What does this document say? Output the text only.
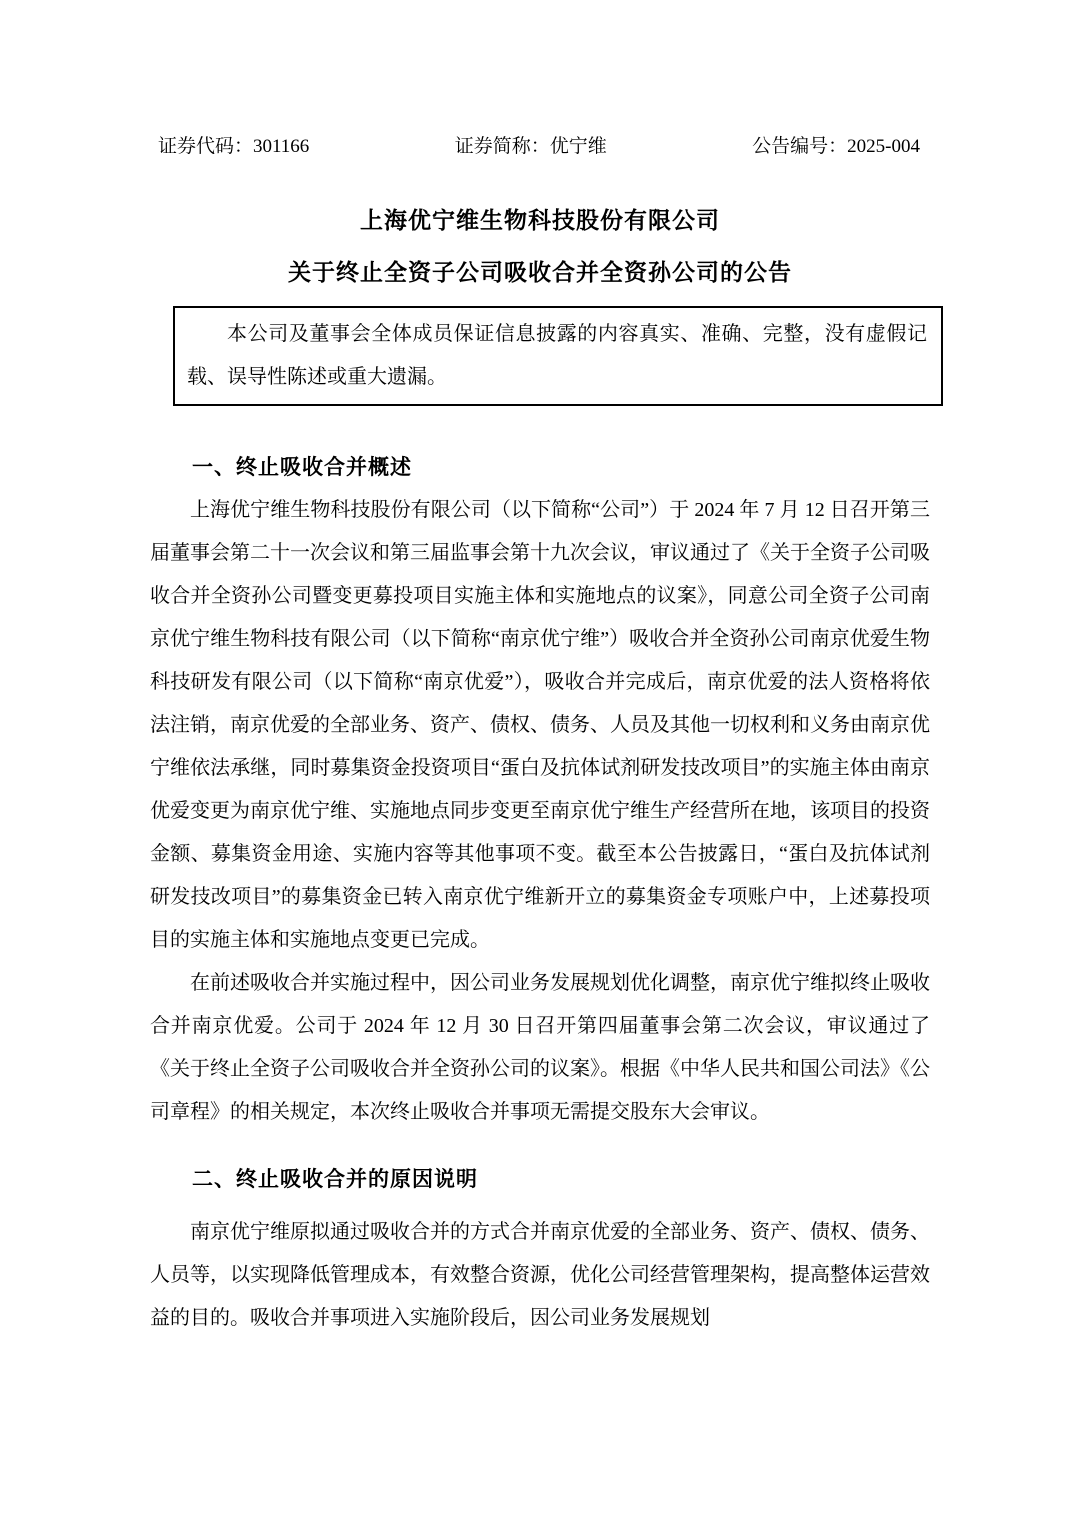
证券代码：301166	证券简称：优宁维	公告编号：2025-004
上海优宁维生物科技股份有限公司
关于终止全资子公司吸收合并全资孙公司的公告

本公司及董事会全体成员保证信息披露的内容真实、准确、完整，没有虚假记载、误导性陈述或重大遗漏。

一、终止吸收合并概述

上海优宁维生物科技股份有限公司（以下简称“公司”）于 2024 年 7 月 12 日召开第三届董事会第二十一次会议和第三届监事会第十九次会议，审议通过了《关于全资子公司吸收合并全资孙公司暨变更募投项目实施主体和实施地点的议案》，同意公司全资子公司南京优宁维生物科技有限公司（以下简称“南京优宁维”）吸收合并全资孙公司南京优爱生物科技研发有限公司（以下简称“南京优爱”），吸收合并完成后，南京优爱的法人资格将依法注销，南京优爱的全部业务、资产、债权、债务、人员及其他一切权利和义务由南京优宁维依法承继，同时募集资金投资项目“蛋白及抗体试剂研发技改项目”的实施主体由南京优爱变更为南京优宁维、实施地点同步变更至南京优宁维生产经营所在地，该项目的投资金额、募集资金用途、实施内容等其他事项不变。截至本公告披露日，“蛋白及抗体试剂研发技改项目”的募集资金已转入南京优宁维新开立的募集资金专项账户中，上述募投项目的实施主体和实施地点变更已完成。

在前述吸收合并实施过程中，因公司业务发展规划优化调整，南京优宁维拟终止吸收合并南京优爱。公司于 2024 年 12 月 30 日召开第四届董事会第二次会议，审议通过了《关于终止全资子公司吸收合并全资孙公司的议案》。根据《中华人民共和国公司法》《公司章程》的相关规定，本次终止吸收合并事项无需提交股东大会审议。

二、终止吸收合并的原因说明

南京优宁维原拟通过吸收合并的方式合并南京优爱的全部业务、资产、债权、债务、人员等，以实现降低管理成本，有效整合资源，优化公司经营管理架构，提高整体运营效益的目的。吸收合并事项进入实施阶段后，因公司业务发展规划
